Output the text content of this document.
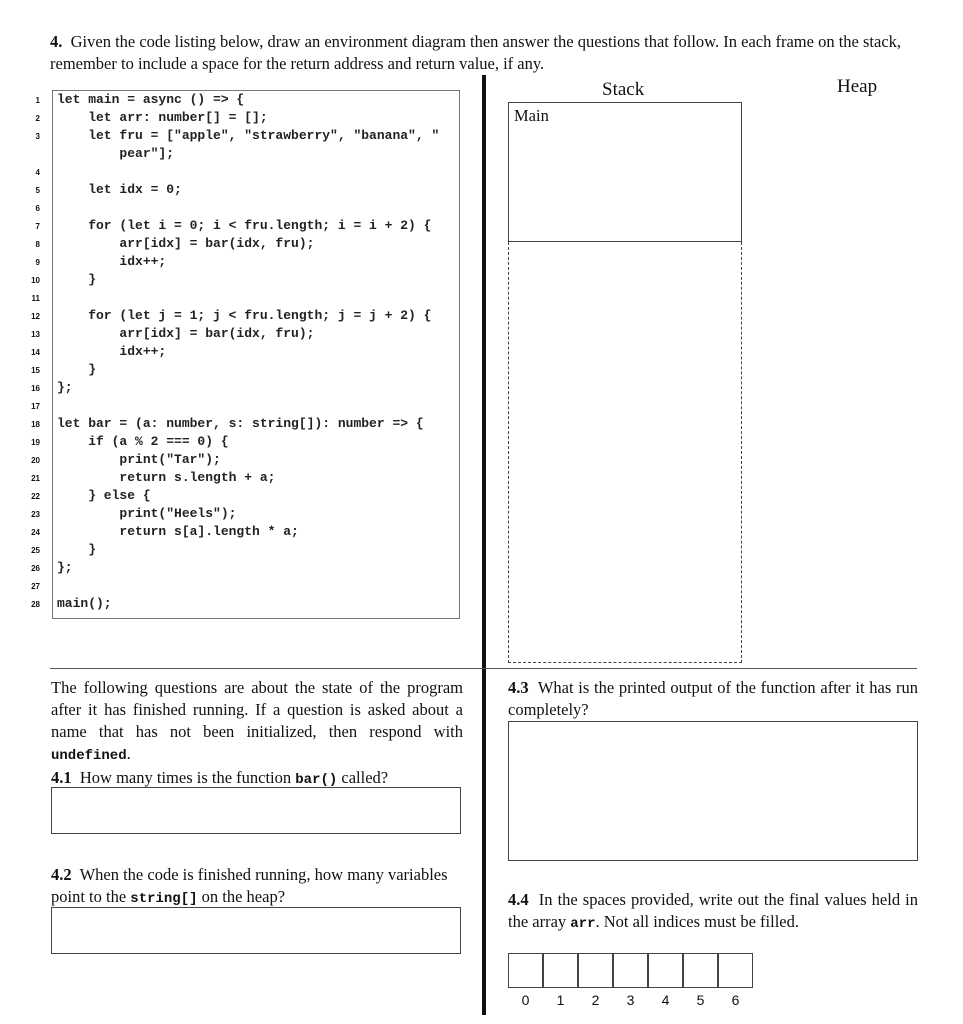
4. Given the code listing below, draw an environment diagram then answer the questions that follow. In each frame on the stack, remember to include a space for the return address and return value, if any.
1 let main = async () => {
2 let arr: number[] = [];
3 let fru = ["apple", "strawberry", "banana", "
pear"];
4
5 let idx = 0;
6
7 for (let i = 0; i < fru.length; i = i + 2) {
8 arr[idx] = bar(idx, fru);
9 idx++;
10 }
11
12 for (let j = 1; j < fru.length; j = j + 2) {
13 arr[idx] = bar(idx, fru);
14 idx++;
15 }
16 };
17
18 let bar = (a: number, s: string[]): number => {
19 if (a % 2 === 0) {
20 print("Tar");
21 return s.length + a;
22 } else {
23 print("Heels");
24 return s[a].length * a;
25 }
26 };
27
28 main();
Stack	Heap
Main
The following questions are about the state of the program after it has finished running. If a question is asked about a name that has not been initialized, then respond with undefined.
4.1 How many times is the function bar() called?
4.2 When the code is finished running, how many variables point to the string[] on the heap?
4.3 What is the printed output of the function after it has run completely?
4.4 In the spaces provided, write out the final values held in the array arr. Not all indices must be filled.
0	1	2	3	4	5	6
